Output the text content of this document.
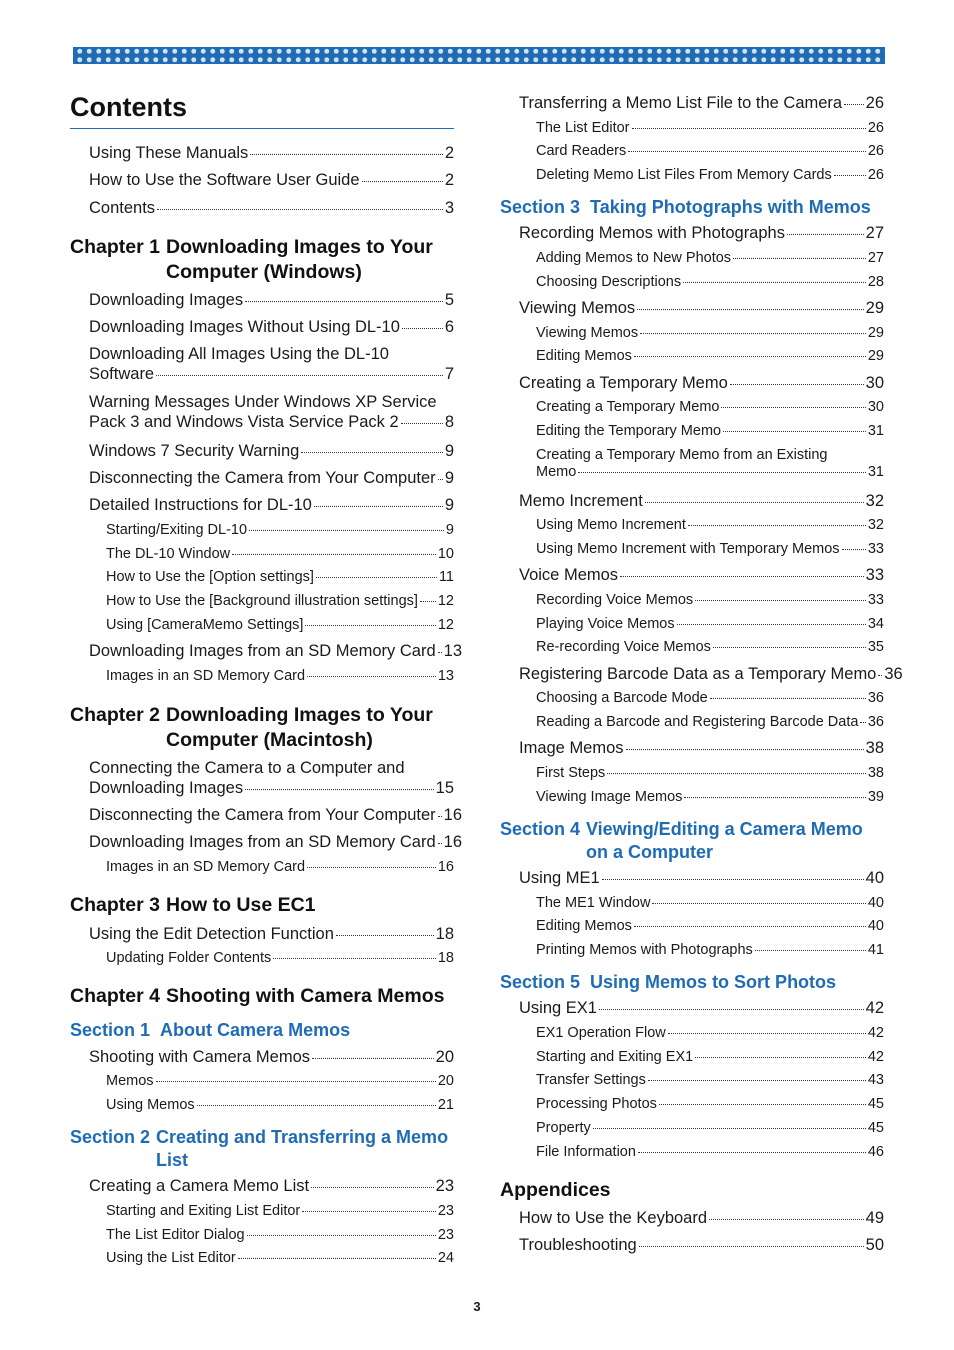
Contents
Using These Manuals	2
How to Use the Software User Guide	2
Contents	3
Chapter 1 Downloading Images to Your Computer (Windows)
Downloading Images	5
Downloading Images Without Using DL-10	6
Downloading All Images Using the DL-10
Software	7
Warning Messages Under Windows XP Service
Pack 3 and Windows Vista Service Pack 2	8
Windows 7 Security Warning	9
Disconnecting the Camera from Your Computer 9
Detailed Instructions for DL-10	9
Starting/Exiting DL-10	9
The DL-10 Window	10
How to Use the [Option settings]	11
How to Use the [Background illustration settings] 12
Using [CameraMemo Settings]	12
Downloading Images from an SD Memory Card 13
Images in an SD Memory Card	13
Chapter 2 Downloading Images to Your Computer (Macintosh)
Connecting the Camera to a Computer and
Downloading Images	15
Disconnecting the Camera from Your Computer 16
Downloading Images from an SD Memory Card 16
Images in an SD Memory Card	16
Chapter 3 How to Use EC1
Using the Edit Detection Function	18
Updating Folder Contents	18
Chapter 4 Shooting with Camera Memos
Section 1 About Camera Memos
Shooting with Camera Memos	20
Memos	20
Using Memos	21
Section 2 Creating and Transferring a Memo List
Creating a Camera Memo List	23
Starting and Exiting List Editor	23
The List Editor Dialog	23
Using the List Editor	24
Transferring a Memo List File to the Camera 26
The List Editor	26
Card Readers	26
Deleting Memo List Files From Memory Cards 26
Section 3 Taking Photographs with Memos
Recording Memos with Photographs	27
Adding Memos to New Photos	27
Choosing Descriptions	28
Viewing Memos	29
Viewing Memos	29
Editing Memos	29
Creating a Temporary Memo	30
Creating a Temporary Memo	30
Editing the Temporary Memo	31
Creating a Temporary Memo from an Existing
Memo	31
Memo Increment	32
Using Memo Increment	32
Using Memo Increment with Temporary Memos 33
Voice Memos	33
Recording Voice Memos	33
Playing Voice Memos	34
Re-recording Voice Memos	35
Registering Barcode Data as a Temporary Memo 36
Choosing a Barcode Mode	36
Reading a Barcode and Registering Barcode Data 36
Image Memos	38
First Steps	38
Viewing Image Memos	39
Section 4 Viewing/Editing a Camera Memo on a Computer
Using ME1	40
The ME1 Window	40
Editing Memos	40
Printing Memos with Photographs	41
Section 5 Using Memos to Sort Photos
Using EX1	42
EX1 Operation Flow	42
Starting and Exiting EX1	42
Transfer Settings	43
Processing Photos	45
Property	45
File Information	46
Appendices
How to Use the Keyboard	49
Troubleshooting	50
3
